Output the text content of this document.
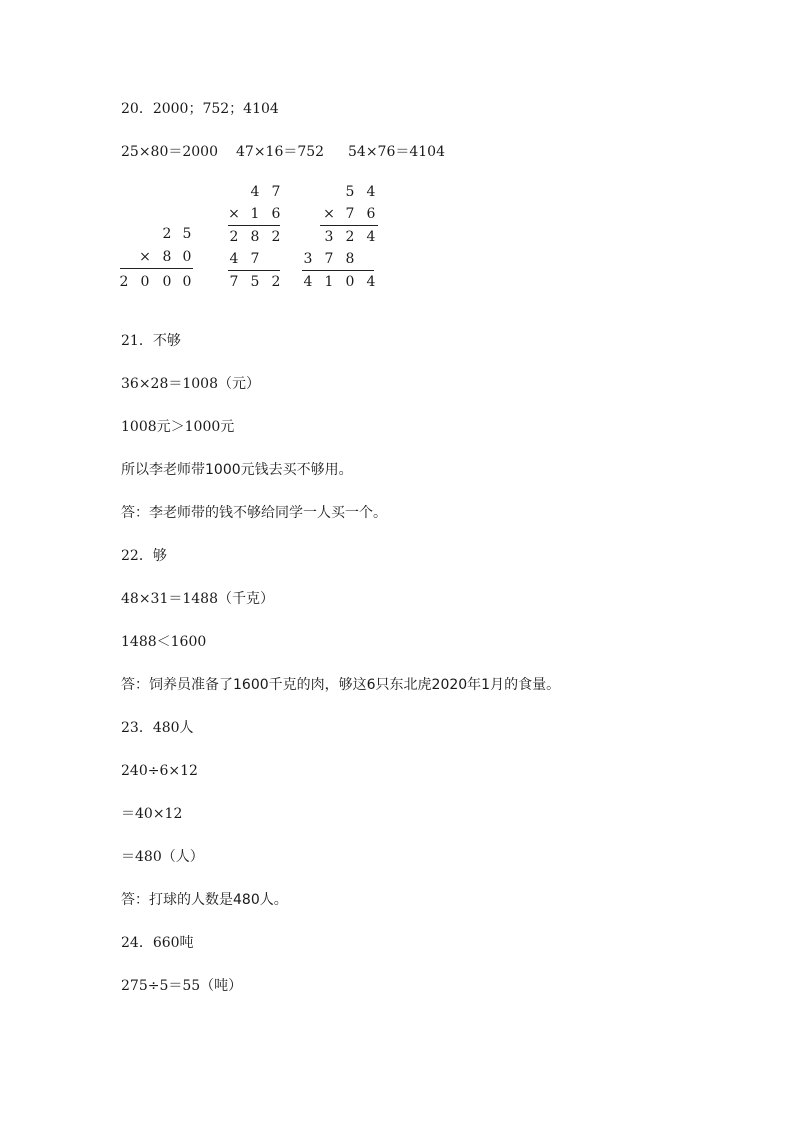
20．2000；752；4104
25×80＝2000 47×16＝752 54×76＝4104
2 5
× 8 0
2 0 0 0
4 7
× 1 6
2 8 2
4 7
7 5 2
5 4
× 7 6
3 2 4
3 7 8
4 1 0 4
21．不够
36×28＝1008（元）
1008元＞1000元
所以李老师带1000元钱去买不够用。
答：李老师带的钱不够给同学一人买一个。
22．够
48×31＝1488（千克）
1488＜1600
答：饲养员准备了1600千克的肉，够这6只东北虎2020年1月的食量。
23．480人
240÷6×12
＝40×12
＝480（人）
答：打球的人数是480人。
24．660吨
275÷5＝55（吨）
